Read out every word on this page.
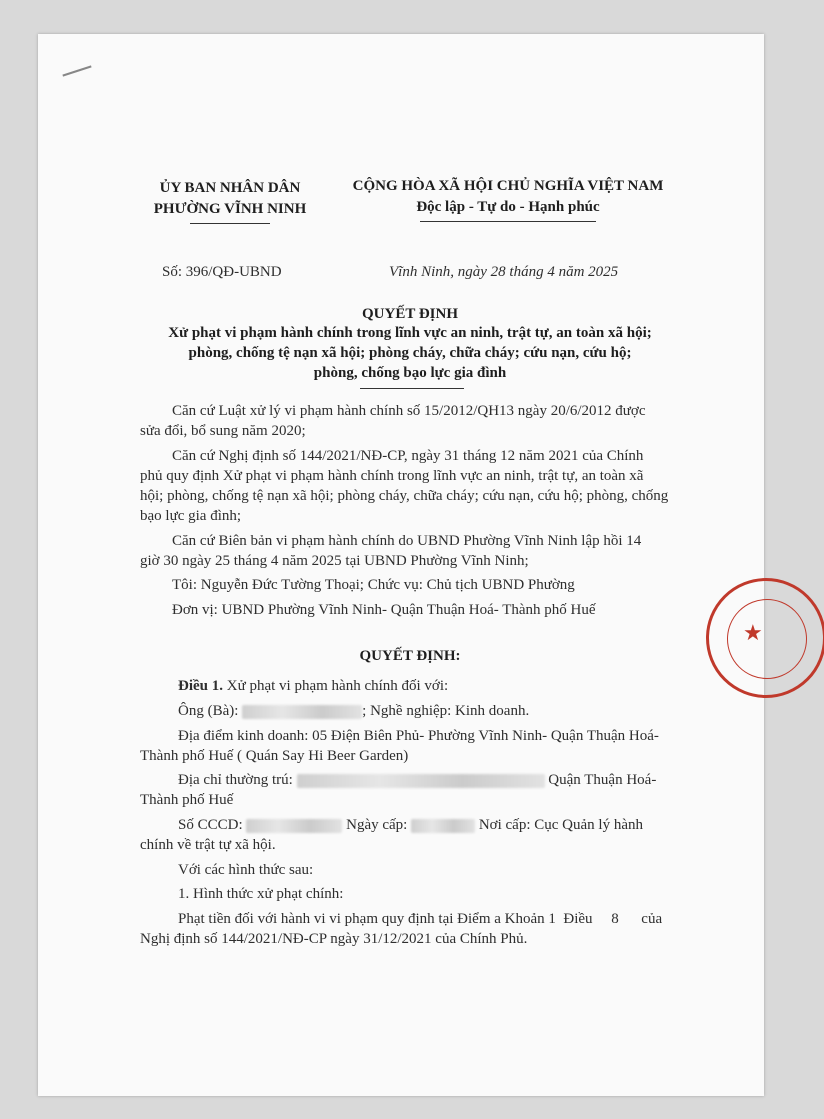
ỦY BAN NHÂN DÂN
PHƯỜNG VĨNH NINH
CỘNG HÒA XÃ HỘI CHỦ NGHĨA VIỆT NAM
Độc lập - Tự do - Hạnh phúc
Số: 396/QĐ-UBND	Vĩnh Ninh, ngày 28 tháng 4 năm 2025
QUYẾT ĐỊNH
Xử phạt vi phạm hành chính trong lĩnh vực an ninh, trật tự, an toàn xã hội;
phòng, chống tệ nạn xã hội; phòng cháy, chữa cháy; cứu nạn, cứu hộ;
phòng, chống bạo lực gia đình
Căn cứ Luật xử lý vi phạm hành chính số 15/2012/QH13 ngày 20/6/2012 được
sửa đổi, bổ sung năm 2020;
Căn cứ Nghị định số 144/2021/NĐ-CP, ngày 31 tháng 12 năm 2021 của Chính
phủ quy định Xử phạt vi phạm hành chính trong lĩnh vực an ninh, trật tự, an toàn xã
hội; phòng, chống tệ nạn xã hội; phòng cháy, chữa cháy; cứu nạn, cứu hộ; phòng, chống
bạo lực gia đình;
Căn cứ Biên bản vi phạm hành chính do UBND Phường Vĩnh Ninh lập hồi 14
giờ 30 ngày 25 tháng 4 năm 2025 tại UBND Phường Vĩnh Ninh;
Tôi: Nguyễn Đức Tường Thoại; Chức vụ: Chủ tịch UBND Phường
Đơn vị: UBND Phường Vĩnh Ninh- Quận Thuận Hoá- Thành phố Huế
QUYẾT ĐỊNH:
Điều 1. Xử phạt vi phạm hành chính đối với:
Ông (Bà):	; Nghề nghiệp: Kinh doanh.
Địa điểm kinh doanh: 05 Điện Biên Phủ- Phường Vĩnh Ninh- Quận Thuận Hoá-
Thành phố Huế ( Quán Say Hi Beer Garden)
Địa chỉ thường trú:	Quận Thuận Hoá-
Thành phố Huế
Số CCCD:	Ngày cấp:	Nơi cấp: Cục Quản lý hành
chính về trật tự xã hội.
Với các hình thức sau:
1. Hình thức xử phạt chính:
Phạt tiền đối với hành vi vi phạm quy định tại Điểm a Khoản 1  Điều     8      của
Nghị định số 144/2021/NĐ-CP ngày 31/12/2021 của Chính Phủ.
★
